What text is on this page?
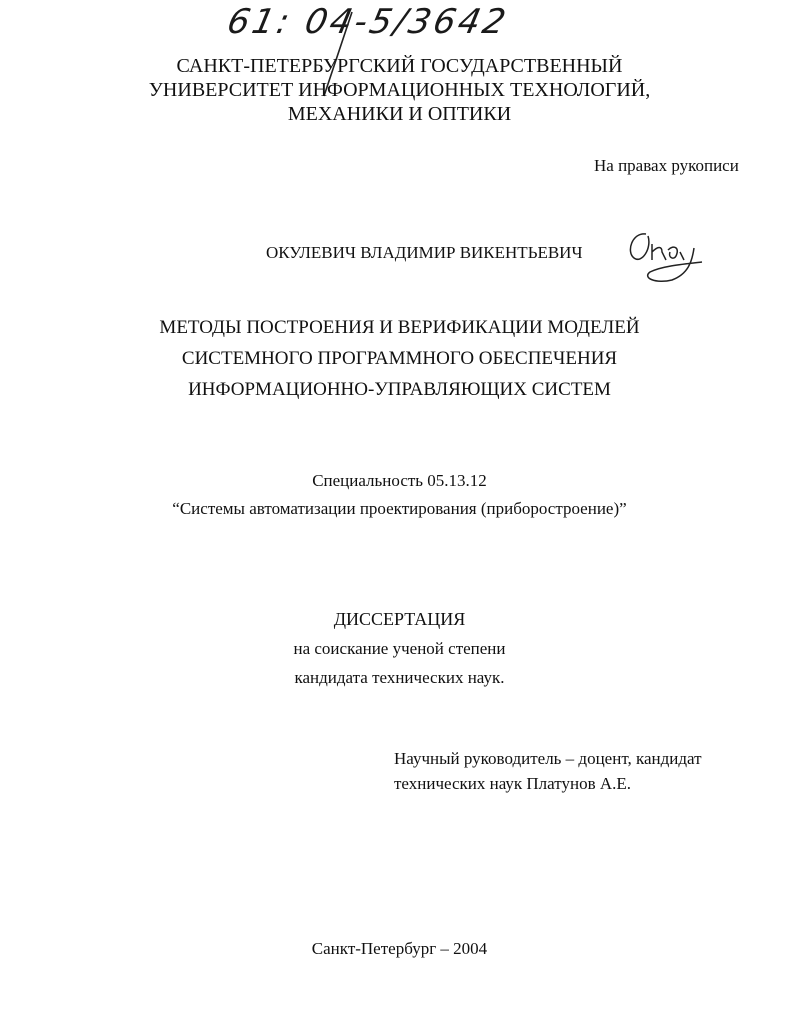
61: 04-5/3642
САНКТ-ПЕТЕРБУРГСКИЙ ГОСУДАРСТВЕННЫЙ
УНИВЕРСИТЕТ ИНФОРМАЦИОННЫХ ТЕХНОЛОГИЙ,
МЕХАНИКИ И ОПТИКИ
На правах рукописи
ОКУЛЕВИЧ ВЛАДИМИР ВИКЕНТЬЕВИЧ
МЕТОДЫ ПОСТРОЕНИЯ И ВЕРИФИКАЦИИ МОДЕЛЕЙ
СИСТЕМНОГО ПРОГРАММНОГО ОБЕСПЕЧЕНИЯ
ИНФОРМАЦИОННО-УПРАВЛЯЮЩИХ СИСТЕМ
Специальность 05.13.12
“Системы автоматизации проектирования (приборостроение)”
ДИССЕРТАЦИЯ
на соискание ученой степени
кандидата технических наук.
Научный руководитель – доцент, кандидат
технических наук Платунов А.Е.
Санкт-Петербург – 2004
